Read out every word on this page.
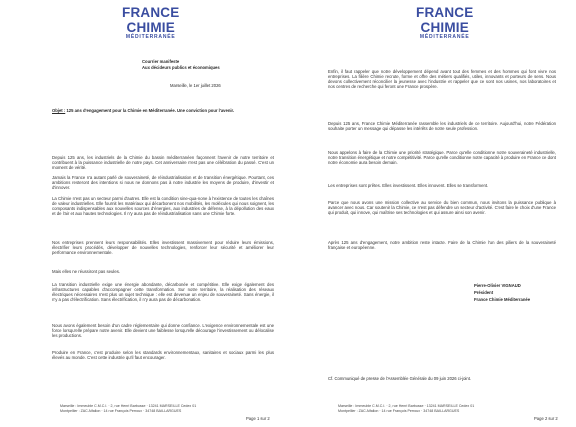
FRANCE
CHIMIE
MÉDITERRANÉE
Courrier manifeste
Aux décideurs publics et économiques
Marseille, le 1er juillet 2026
Objet : 125 ans d'engagement pour la Chimie en Méditerranée. Une conviction pour l'avenir.
Depuis 125 ans, les industriels de la Chimie du bassin méditerranéen façonnent l'avenir de notre territoire et contribuent à la puissance industrielle de notre pays. Cet anniversaire n'est pas une célébration du passé. C'est un moment de vérité.
Jamais la France n'a autant parlé de souveraineté, de réindustrialisation et de transition énergétique. Pourtant, ces ambitions resteront des intentions si nous ne donnons pas à notre industrie les moyens de produire, d'investir et d'innover.
La Chimie n'est pas un secteur parmi d'autres. Elle est la condition sine-qua-none à l'existence de toutes les chaînes de valeur industrielles. Elle fournit les matériaux qui décarbonent nos mobilités, les molécules qui nous soignent, les composants indispensables aux nouvelles sources d'énergies, aux industries de défense, à la dépollution des eaux et de l'air et aux hautes technologies. Il n'y aura pas de réindustrialisation sans une Chimie forte.
Nos entreprises prennent leurs responsabilités. Elles investissent massivement pour réduire leurs émissions, électrifier leurs procédés, développer de nouvelles technologies, renforcer leur sécurité et améliorer leur performance environnementale.
Mais elles ne réussiront pas seules.
La transition industrielle exige une énergie abondante, décarbonée et compétitive. Elle exige également des infrastructures capables d'accompagner cette transformation. Sur notre territoire, la réalisation des réseaux électriques nécessaires n'est plus un sujet technique : elle est devenue un enjeu de souveraineté. Sans énergie, il n'y a pas d'électrification. Sans électrification, il n'y aura pas de décarbonation.
Nous avons également besoin d'un cadre réglementaire qui donne confiance. L'exigence environnementale est une force lorsqu'elle prépare notre avenir. Elle devient une faiblesse lorsqu'elle décourage l'investissement ou délocalise les productions.
Produire en France, c'est produire selon les standards environnementaux, sanitaires et sociaux parmi les plus élevés au monde. C'est cette industrie qu'il faut encourager.
Marseille : Immeuble C.M.C.I. · 2, rue Henri Barbusse · 13241 MARSEILLE Cedex 01
Montpellier : ZAC Alfallon · 14 rue François Perroux · 34748 BAILLARGUES
Page 1 sur 2
FRANCE
CHIMIE
MÉDITERRANÉE
Enfin, il faut rappeler que notre développement dépend avant tout des femmes et des hommes qui font vivre nos entreprises. La filière Chimie recrute, forme et offre des métiers qualifiés, utiles, innovants et porteurs de sens. Nous devons collectivement réconcilier la jeunesse avec l'industrie et rappeler que ce sont nos usines, nos laboratoires et nos centres de recherche qui feront une France prospère.
Depuis 125 ans, France Chimie Méditerranée rassemble les industriels de ce territoire. Aujourd'hui, notre Fédération souhaite porter un message qui dépasse les intérêts de notre seule profession.
Nous appelons à faire de la Chimie une priorité stratégique. Parce qu'elle conditionne notre souveraineté industrielle, notre transition énergétique et notre compétitivité. Parce qu'elle conditionne notre capacité à produire en France ce dont notre économie aura besoin demain.
Les entreprises sont prêtes. Elles investissent. Elles innovent. Elles se transforment.
Parce que nous avons une mission collective au service du bien commun, nous invitons la puissance publique à avancer avec nous. Car soutenir la Chimie, ce n'est pas défendre un secteur d'activité. C'est faire le choix d'une France qui produit, qui innove, qui maîtrise ses technologies et qui assure ainsi son avenir.
Après 125 ans d'engagement, notre ambition reste intacte. Faire de la Chimie l'un des piliers de la souveraineté française et européenne.
Pierre-Olivier VIGNAUD
Président
France Chimie Méditerranée
Cf. Communiqué de presse de l'Assemblée Générale du 09 juin 2026 ci-joint.
Marseille : Immeuble C.M.C.I. · 2, rue Henri Barbusse · 13241 MARSEILLE Cedex 01
Montpellier : ZAC Alfallon · 14 rue François Perroux · 34748 BAILLARGUES
Page 2 sur 2
